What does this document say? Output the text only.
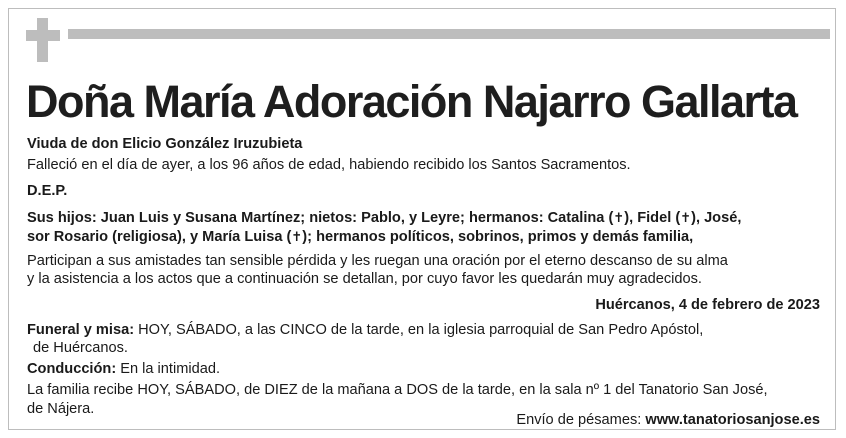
Doña María Adoración Najarro Gallarta
Viuda de don Elicio González Iruzubieta
Falleció en el día de ayer, a los 96 años de edad, habiendo recibido los Santos Sacramentos.
D.E.P.
Sus hijos: Juan Luis y Susana Martínez; nietos: Pablo, y Leyre; hermanos: Catalina (✝), Fidel (✝), José,
sor Rosario (religiosa), y María Luisa (✝); hermanos políticos, sobrinos, primos y demás familia,
Participan a sus amistades tan sensible pérdida y les ruegan una oración por el eterno descanso de su alma
y la asistencia a los actos que a continuación se detallan, por cuyo favor les quedarán muy agradecidos.
Huércanos, 4 de febrero de 2023
Funeral y misa: HOY, SÁBADO, a las CINCO de la tarde, en la iglesia parroquial de San Pedro Apóstol,
de Huércanos.
Conducción: En la intimidad.
La familia recibe HOY, SÁBADO, de DIEZ de la mañana a DOS de la tarde, en la sala nº 1 del Tanatorio San José,
de Nájera.
Envío de pésames: www.tanatoriosanjose.es
